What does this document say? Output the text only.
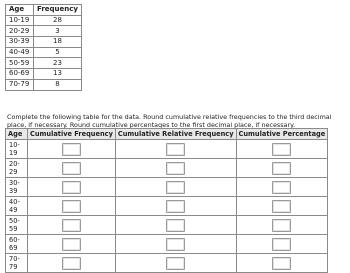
Age	Frequency
10-19	28
20-29	3
30-39	18
40-49	5
50-59	23
60-69	13
70-79	8

Complete the following table for the data. Round cumulative relative frequencies to the third decimal place, if necessary. Round cumulative percentages to the first decimal place, if necessary.

Age	Cumulative Frequency	Cumulative Relative Frequency	Cumulative Percentage
10-19			
20-29			
30-39			
40-49			
50-59			
60-69			
70-79			
